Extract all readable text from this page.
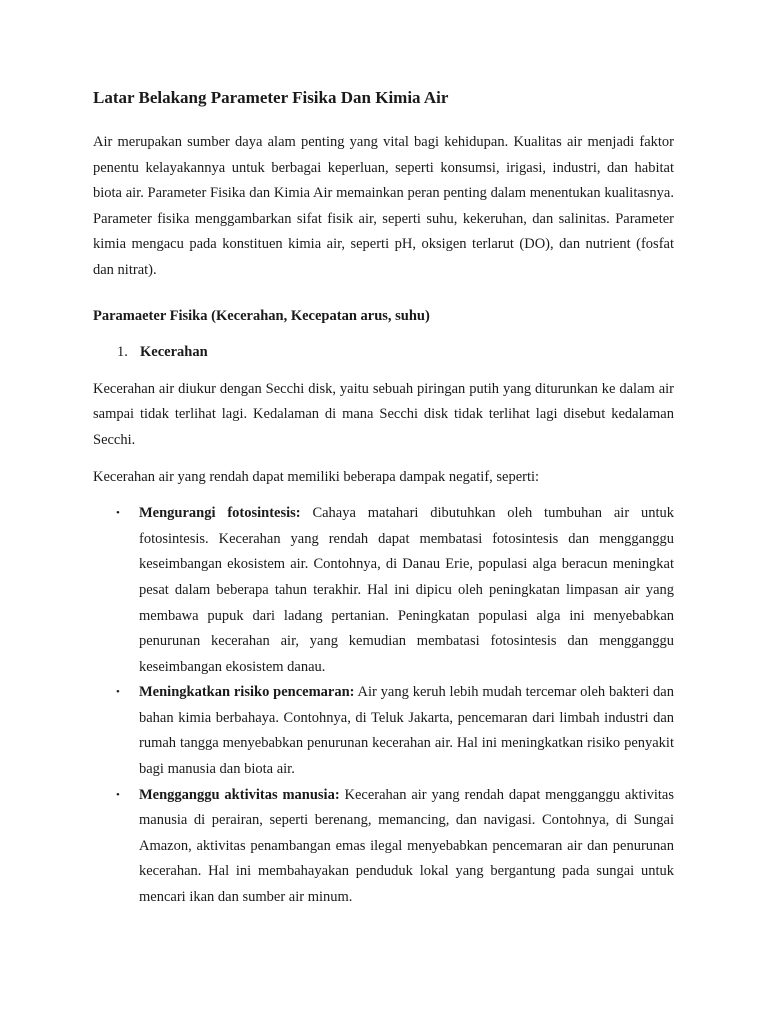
Latar Belakang Parameter Fisika Dan Kimia Air

Air merupakan sumber daya alam penting yang vital bagi kehidupan. Kualitas air menjadi faktor penentu kelayakannya untuk berbagai keperluan, seperti konsumsi, irigasi, industri, dan habitat biota air. Parameter Fisika dan Kimia Air memainkan peran penting dalam menentukan kualitasnya. Parameter fisika menggambarkan sifat fisik air, seperti suhu, kekeruhan, dan salinitas. Parameter kimia mengacu pada konstituen kimia air, seperti pH, oksigen terlarut (DO), dan nutrient (fosfat dan nitrat).

Paramaeter Fisika (Kecerahan, Kecepatan arus, suhu)

1. Kecerahan

Kecerahan air diukur dengan Secchi disk, yaitu sebuah piringan putih yang diturunkan ke dalam air sampai tidak terlihat lagi. Kedalaman di mana Secchi disk tidak terlihat lagi disebut kedalaman Secchi.

Kecerahan air yang rendah dapat memiliki beberapa dampak negatif, seperti:

•	Mengurangi fotosintesis: Cahaya matahari dibutuhkan oleh tumbuhan air untuk fotosintesis. Kecerahan yang rendah dapat membatasi fotosintesis dan mengganggu keseimbangan ekosistem air. Contohnya, di Danau Erie, populasi alga beracun meningkat pesat dalam beberapa tahun terakhir. Hal ini dipicu oleh peningkatan limpasan air yang membawa pupuk dari ladang pertanian. Peningkatan populasi alga ini menyebabkan penurunan kecerahan air, yang kemudian membatasi fotosintesis dan mengganggu keseimbangan ekosistem danau.
•	Meningkatkan risiko pencemaran: Air yang keruh lebih mudah tercemar oleh bakteri dan bahan kimia berbahaya. Contohnya, di Teluk Jakarta, pencemaran dari limbah industri dan rumah tangga menyebabkan penurunan kecerahan air. Hal ini meningkatkan risiko penyakit bagi manusia dan biota air.
•	Mengganggu aktivitas manusia: Kecerahan air yang rendah dapat mengganggu aktivitas manusia di perairan, seperti berenang, memancing, dan navigasi. Contohnya, di Sungai Amazon, aktivitas penambangan emas ilegal menyebabkan pencemaran air dan penurunan kecerahan. Hal ini membahayakan penduduk lokal yang bergantung pada sungai untuk mencari ikan dan sumber air minum.
